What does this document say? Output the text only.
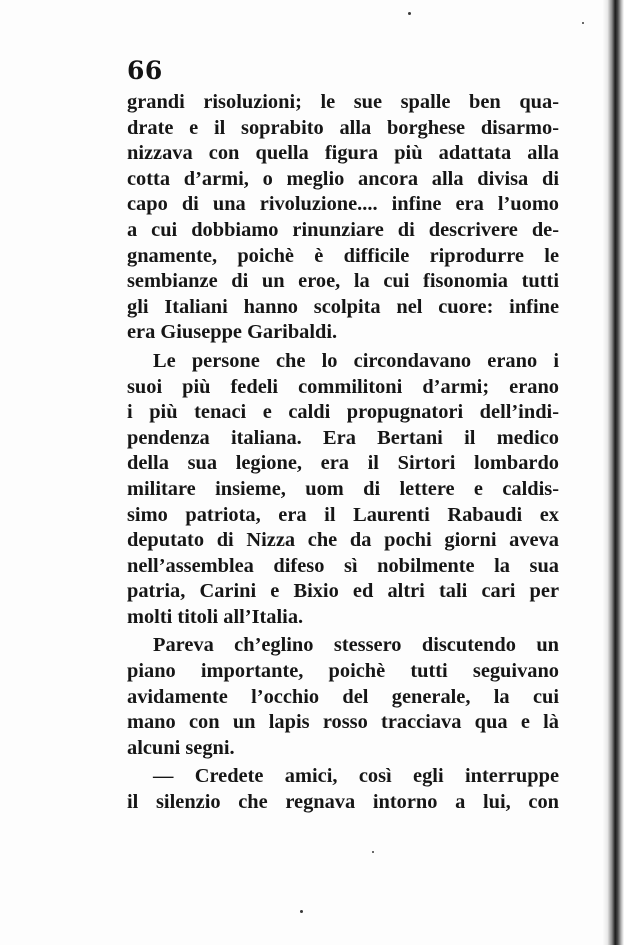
66
grandi risoluzioni; le sue spalle ben qua-
drate e il soprabito alla borghese disarmo-
nizzava con quella figura più adattata alla
cotta d’armi, o meglio ancora alla divisa di
capo di una rivoluzione.... infine era l’uomo
a cui dobbiamo rinunziare di descrivere de-
gnamente, poichè è difficile riprodurre le
sembianze di un eroe, la cui fisonomia tutti
gli Italiani hanno scolpita nel cuore: infine
era Giuseppe Garibaldi.
Le persone che lo circondavano erano i
suoi più fedeli commilitoni d’armi; erano
i più tenaci e caldi propugnatori dell’indi-
pendenza italiana. Era Bertani il medico
della sua legione, era il Sirtori lombardo
militare insieme, uom di lettere e caldis-
simo patriota, era il Laurenti Rabaudi ex
deputato di Nizza che da pochi giorni aveva
nell’assemblea difeso sì nobilmente la sua
patria, Carini e Bixio ed altri tali cari per
molti titoli all’Italia.
Pareva ch’eglino stessero discutendo un
piano importante, poichè tutti seguivano
avidamente l’occhio del generale, la cui
mano con un lapis rosso tracciava qua e là
alcuni segni.
— Credete amici, così egli interruppe
il silenzio che regnava intorno a lui, con
